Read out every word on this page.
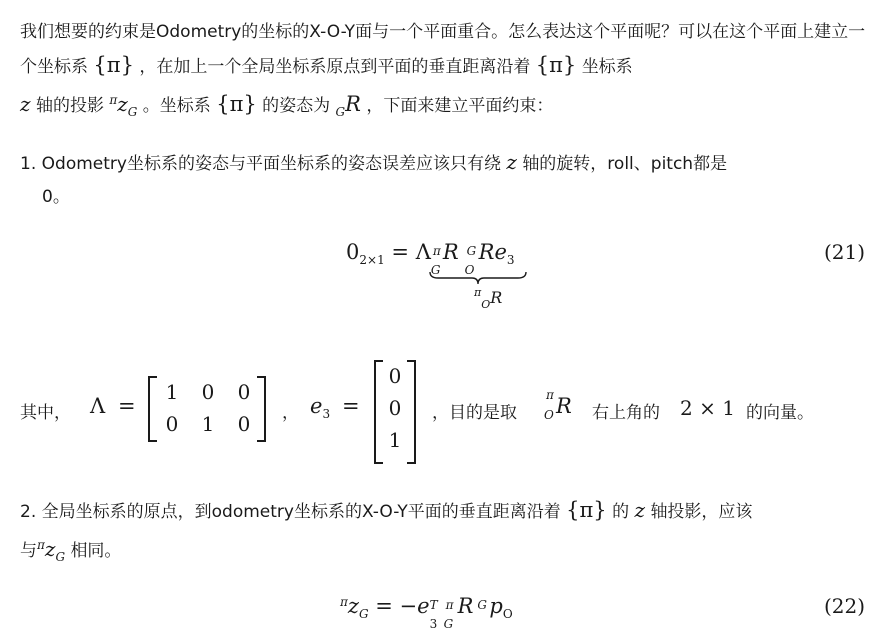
我们想要的约束是Odometry的坐标的X-O-Y面与一个平面重合。怎么表达这个平面呢？可以在这个平面上建立一个坐标系 {π} ，在加上一个全局坐标系原点到平面的垂直距离沿着 {π} 坐标系
z 轴的投影 $^\pi z_G$ 。坐标系 {π} 的姿态为 $_G$R ，下面来建立平面约束：
1. Odometry坐标系的姿态与平面坐标系的姿态误差应该只有绕 z 轴的旋转，roll、pitch都是
0。
$0_{2\times 1} = \Lambda$ π
G
R G
O
$Re_3$
$^\pi_O$R
(21)
其中， Λ =
1	0	0
0	1	0	， $e_3$ =
0
0
1
，目的是取
π
O R 右上角的 2 × 1 的向量。
2. 全局坐标系的原点，到odometry坐标系的X-O-Y平面的垂直距离沿着 {π} 的 z 轴投影，应该
与$^\pi z_G$ 相同。
$^\pi z_G = -e$ T
3
π
G
R G $p_O$	(22)
